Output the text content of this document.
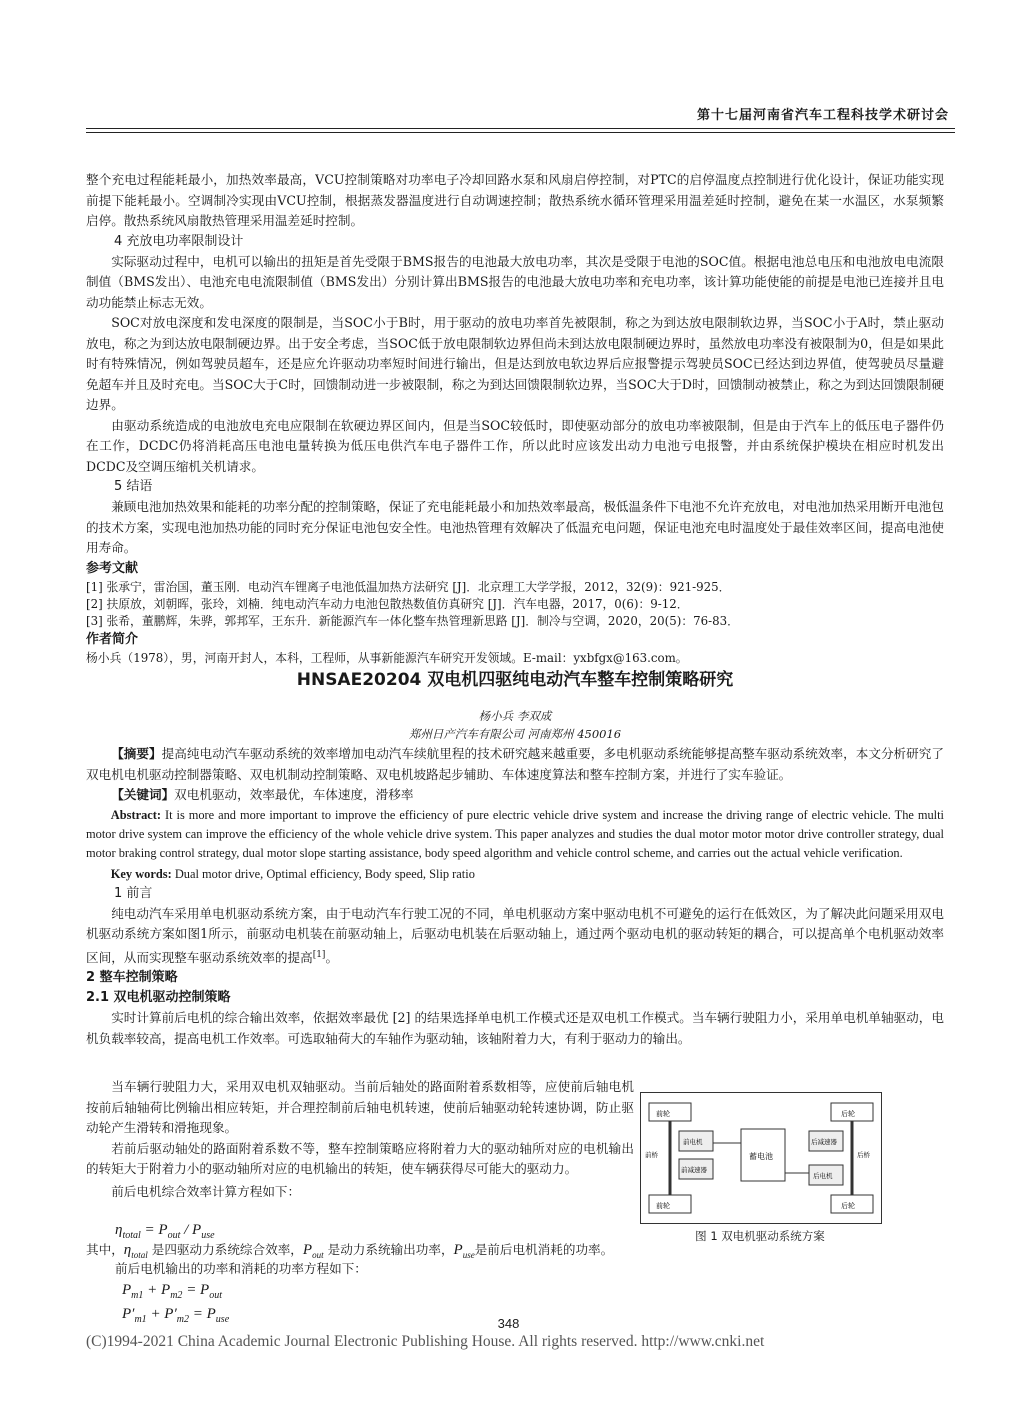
第十七届河南省汽车工程科技学术研讨会

整个充电过程能耗最小，加热效率最高，VCU控制策略对功率电子冷却回路水泵和风扇启停控制，对PTC的启停温度点控制进行优化设计，保证功能实现前提下能耗最小。空调制冷实现由VCU控制，根据蒸发器温度进行自动调速控制；散热系统水循环管理采用温差延时控制，避免在某一水温区，水泵频繁启停。散热系统风扇散热管理采用温差延时控制。

4 充放电功率限制设计

实际驱动过程中，电机可以输出的扭矩是首先受限于BMS报告的电池最大放电功率，其次是受限于电池的SOC值。根据电池总电压和电池放电电流限制值（BMS发出）、电池充电电流限制值（BMS发出）分别计算出BMS报告的电池最大放电功率和充电功率，该计算功能使能的前提是电池已连接并且电动功能禁止标志无效。

SOC对放电深度和发电深度的限制是，当SOC小于B时，用于驱动的放电功率首先被限制，称之为到达放电限制软边界，当SOC小于A时，禁止驱动放电，称之为到达放电限制硬边界。出于安全考虑，当SOC低于放电限制软边界但尚未到达放电限制硬边界时，虽然放电功率没有被限制为0，但是如果此时有特殊情况，例如驾驶员超车，还是应允许驱动功率短时间进行输出，但是达到放电软边界后应报警提示驾驶员SOC已经达到边界值，使驾驶员尽量避免超车并且及时充电。当SOC大于C时，回馈制动进一步被限制，称之为到达回馈限制软边界，当SOC大于D时，回馈制动被禁止，称之为到达回馈限制硬边界。

由驱动系统造成的电池放电充电应限制在软硬边界区间内，但是当SOC较低时，即使驱动部分的放电功率被限制，但是由于汽车上的低压电子器件仍在工作，DCDC仍将消耗高压电池电量转换为低压电供汽车电子器件工作，所以此时应该发出动力电池亏电报警，并由系统保护模块在相应时机发出DCDC及空调压缩机关机请求。

5 结语

兼顾电池加热效果和能耗的功率分配的控制策略，保证了充电能耗最小和加热效率最高，极低温条件下电池不允许充放电，对电池加热采用断开电池包的技术方案，实现电池加热功能的同时充分保证电池包安全性。电池热管理有效解决了低温充电问题，保证电池充电时温度处于最佳效率区间，提高电池使用寿命。

参考文献

[1] 张承宁，雷治国，董玉刚．电动汽车锂离子电池低温加热方法研究 [J]．北京理工大学学报，2012，32(9)：921-925．

[2] 扶原放，刘朝晖，张玲，刘楠．纯电动汽车动力电池包散热数值仿真研究 [J]．汽车电器，2017，0(6)：9-12．

[3] 张希，董鹏辉，朱骅，郭邦军，王东升．新能源汽车一体化整车热管理新思路 [J]．制冷与空调，2020，20(5)：76-83．

作者简介

杨小兵（1978），男，河南开封人，本科，工程师，从事新能源汽车研究开发领域。E-mail：yxbfgx@163.com。

HNSAE20204 双电机四驱纯电动汽车整车控制策略研究
杨小兵 李双成
郑州日产汽车有限公司 河南郑州 450016

【摘要】提高纯电动汽车驱动系统的效率增加电动汽车续航里程的技术研究越来越重要，多电机驱动系统能够提高整车驱动系统效率，本文分析研究了双电机电机驱动控制器策略、双电机制动控制策略、双电机坡路起步辅助、车体速度算法和整车控制方案，并进行了实车验证。

【关键词】双电机驱动，效率最优，车体速度，滑移率

Abstract: It is more and more important to improve the efficiency of pure electric vehicle drive system and increase the driving range of electric vehicle. The multi motor drive system can improve the efficiency of the whole vehicle drive system. This paper analyzes and studies the dual motor motor motor drive controller strategy, dual motor braking control strategy, dual motor slope starting assistance, body speed algorithm and vehicle control scheme, and carries out the actual vehicle verification.

Key words: Dual motor drive, Optimal efficiency, Body speed, Slip ratio

1 前言

纯电动汽车采用单电机驱动系统方案，由于电动汽车行驶工况的不同，单电机驱动方案中驱动电机不可避免的运行在低效区，为了解决此问题采用双电机驱动系统方案如图1所示，前驱动电机装在前驱动轴上，后驱动电机装在后驱动轴上，通过两个驱动电机的驱动转矩的耦合，可以提高单个电机驱动效率区间，从而实现整车驱动系统效率的提高[1]。

2 整车控制策略

2.1 双电机驱动控制策略

实时计算前后电机的综合输出效率，依据效率最优 [2] 的结果选择单电机工作模式还是双电机工作模式。当车辆行驶阻力小，采用单电机单轴驱动，电机负载率较高，提高电机工作效率。可选取轴荷大的车轴作为驱动轴，该轴附着力大，有利于驱动力的输出。

当车辆行驶阻力大，采用双电机双轴驱动。当前后轴处的路面附着系数相等，应使前后轴电机按前后轴轴荷比例输出相应转矩，并合理控制前后轴电机转速，使前后轴驱动轮转速协调，防止驱动轮产生滑转和滑拖现象。

若前后驱动轴处的路面附着系数不等，整车控制策略应将附着力大的驱动轴所对应的电机输出的转矩大于附着力小的驱动轴所对应的电机输出的转矩，使车辆获得尽可能大的驱动力。

前后电机综合效率计算方程如下：

前轮
前轮
后轮
后轮
前电机
前减速器
蓄电池
后减速器
后电机
前桥	后桥
图 1 双电机驱动系统方案
$\eta_{total} = P_{out} / P_{use}$
其中，$\eta_{total}$ 是四驱动力系统综合效率，$P_{out}$ 是动力系统输出功率，$P_{use}$是前后电机消耗的功率。
前后电机输出的功率和消耗的功率方程如下：
$P_{m1} + P_{m2} = P_{out}$
$P'_{m1} + P'_{m2} = P_{use}$	348
(C)1994-2021 China Academic Journal Electronic Publishing House. All rights reserved. http://www.cnki.net
